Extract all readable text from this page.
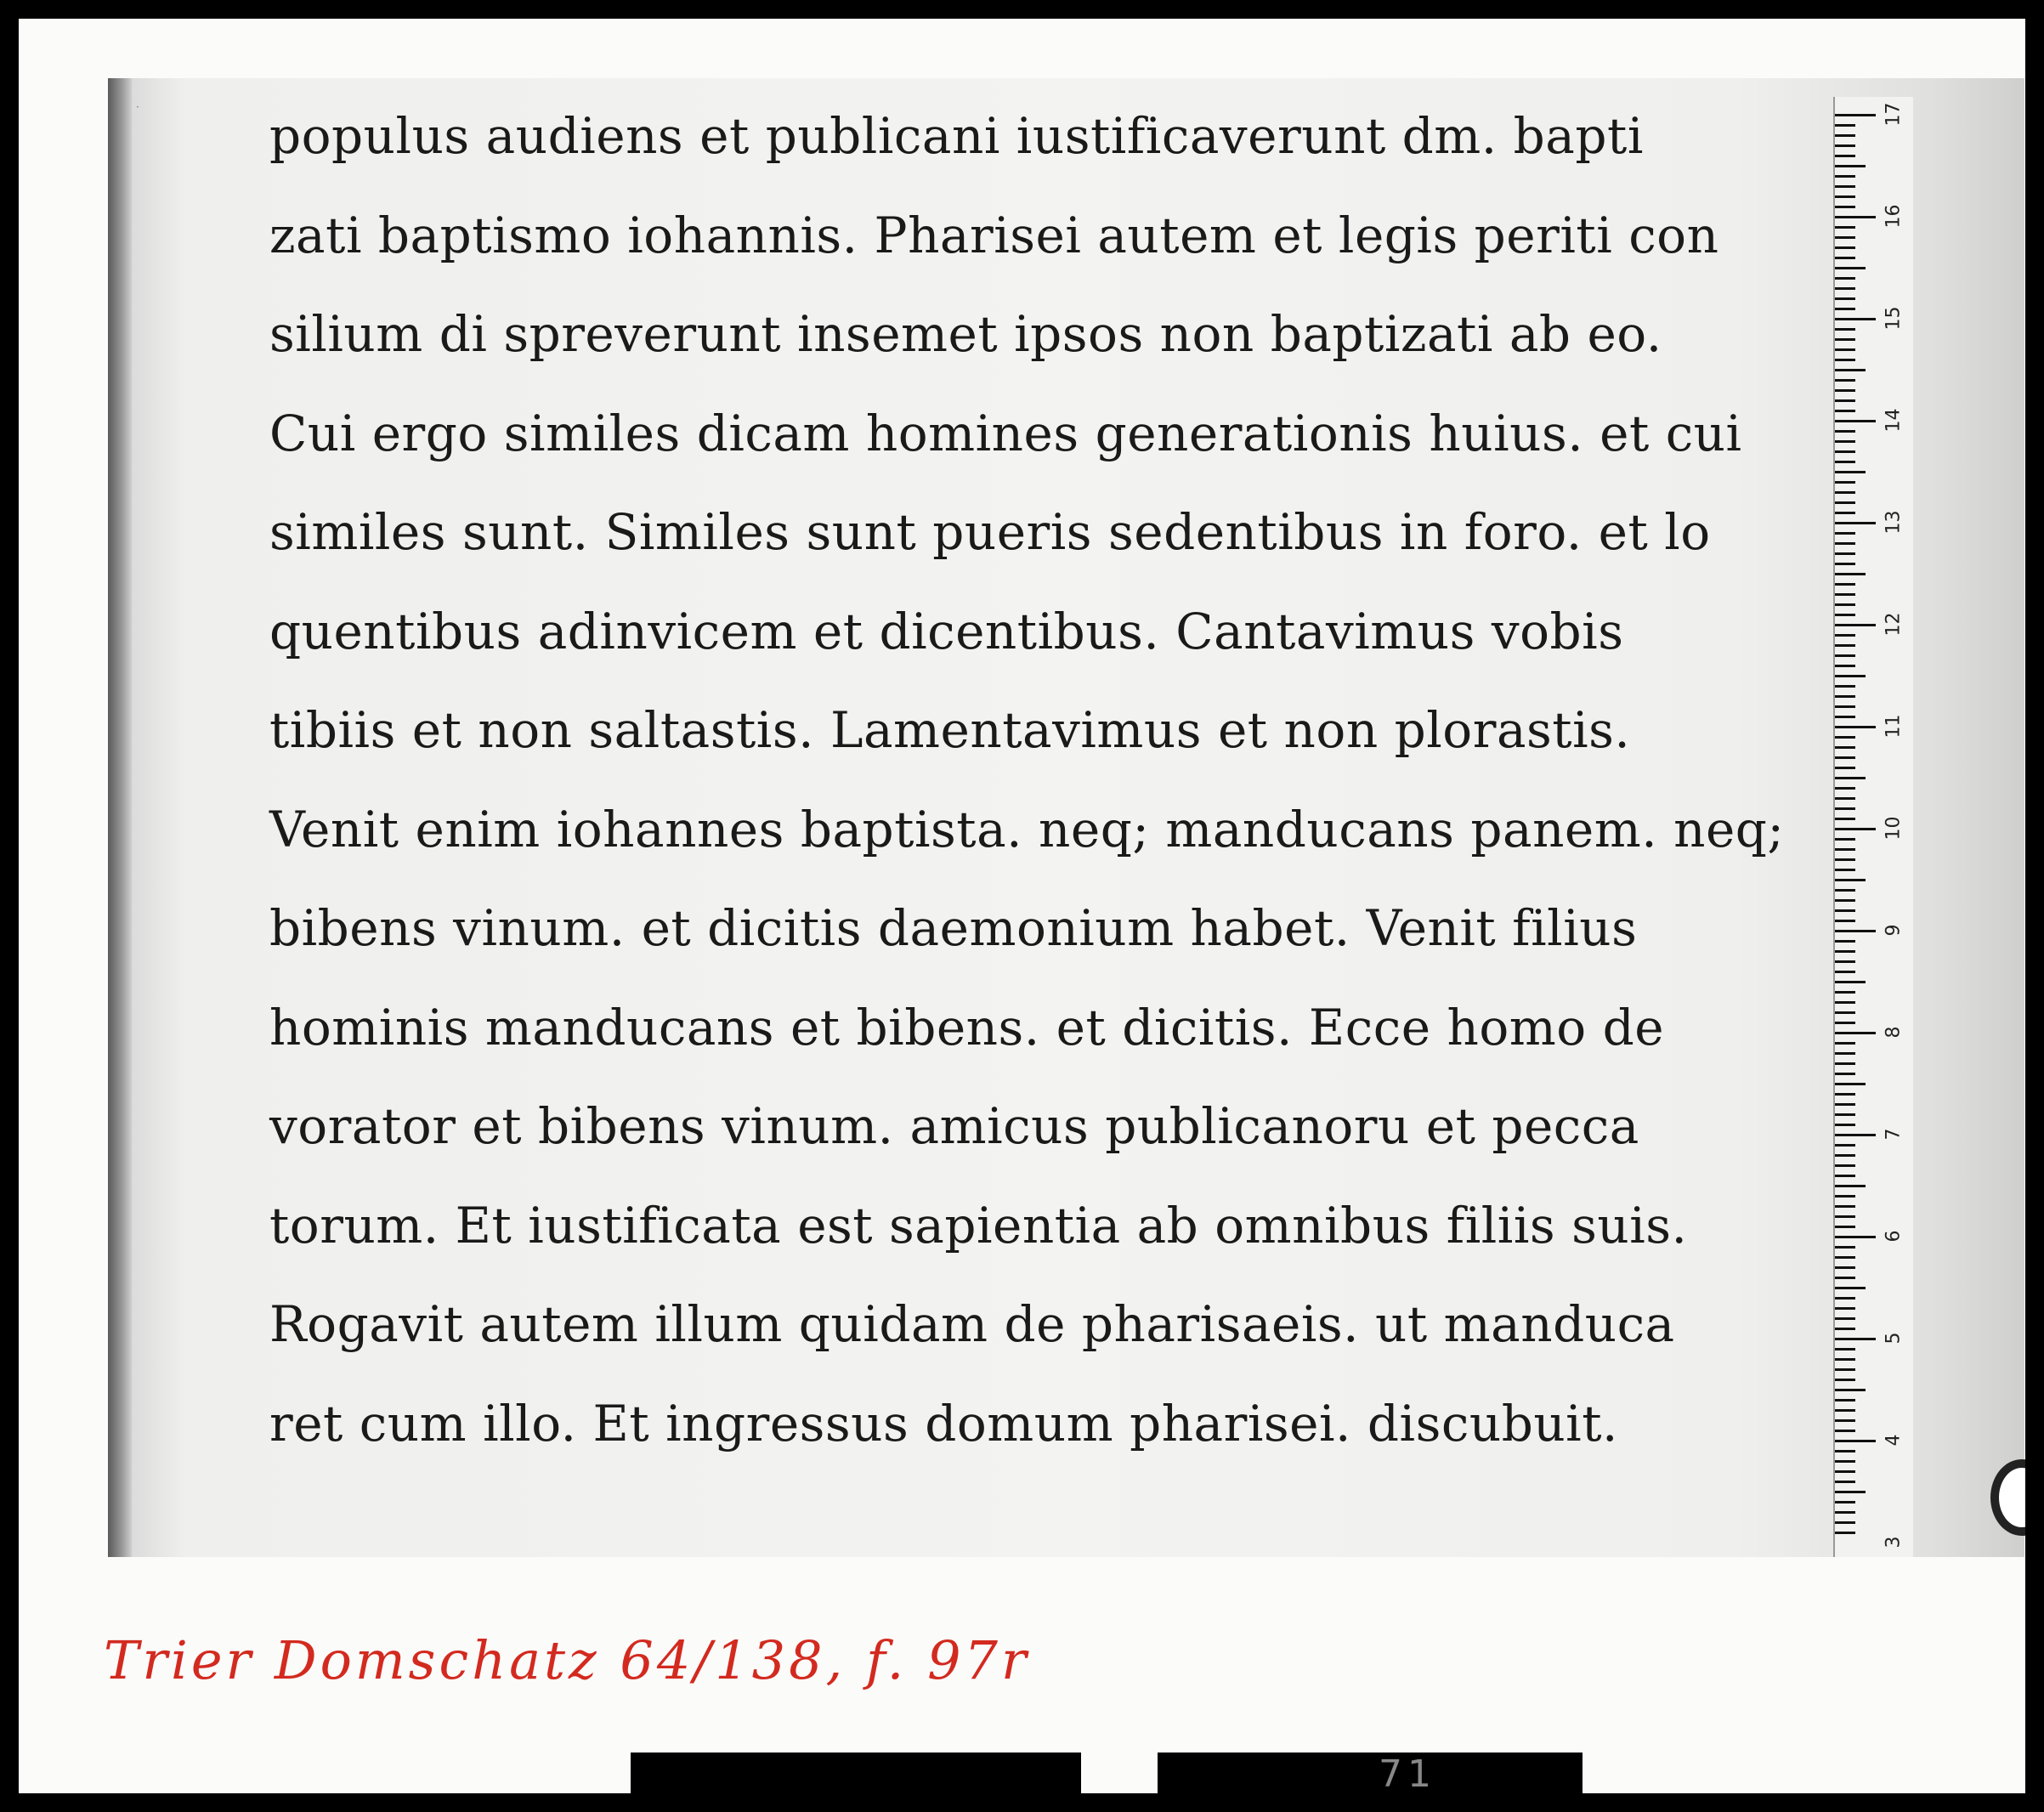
·	populus audiens et publicani iustificaverunt dm. bapti
zati baptismo iohannis. Pharisei autem et legis periti con
silium di spreverunt insemet ipsos non baptizati ab eo.
Cui ergo similes dicam homines generationis huius. et cui
similes sunt. Similes sunt pueris sedentibus in foro. et lo
quentibus adinvicem et dicentibus. Cantavimus vobis
tibiis et non saltastis. Lamentavimus et non plorastis.
Venit enim iohannes baptista. neq; manducans panem. neq;
bibens vinum. et dicitis daemonium habet. Venit filius
hominis manducans et bibens. et dicitis. Ecce homo de
vorator et bibens vinum. amicus publicanoru et pecca
torum. Et iustificata est sapientia ab omnibus filiis suis.
Rogavit autem illum quidam de pharisaeis. ut manduca
ret cum illo. Et ingressus domum pharisei. discubuit.
17
16
15
14
13
12
11
10
9
8
7
6
5
4
3
Trier Domschatz 64/138, f. 97r
71
